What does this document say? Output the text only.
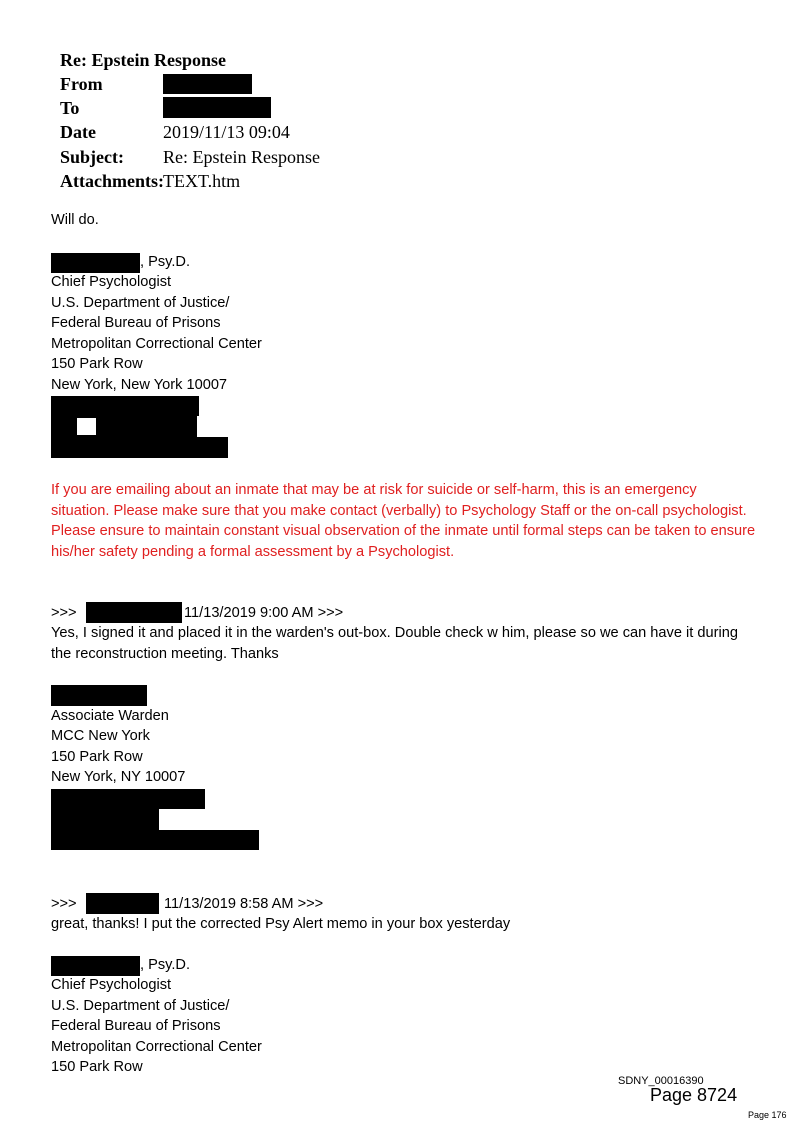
Re: Epstein Response
From
To
Date	2019/11/13 09:04
Subject: Re: Epstein Response
Attachments: TEXT.htm
Will do.
, Psy.D.
Chief Psychologist
U.S. Department of Justice/
Federal Bureau of Prisons
Metropolitan Correctional Center
150 Park Row
New York, New York 10007
If you are emailing about an inmate that may be at risk for suicide or self-harm, this is an emergency
situation. Please make sure that you make contact (verbally) to Psychology Staff or the on-call psychologist.
Please ensure to maintain constant visual observation of the inmate until formal steps can be taken to ensure
his/her safety pending a formal assessment by a Psychologist.
>>>	11/13/2019 9:00 AM >>>
Yes, I signed it and placed it in the warden's out-box. Double check w him, please so we can have it during
the reconstruction meeting. Thanks
Associate Warden
MCC New York
150 Park Row
New York, NY 10007
>>>	11/13/2019 8:58 AM >>>
great, thanks! I put the corrected Psy Alert memo in your box yesterday
, Psy.D.
Chief Psychologist
U.S. Department of Justice/
Federal Bureau of Prisons
Metropolitan Correctional Center
150 Park Row
SDNY_00016390
Page 8724
Page 176
